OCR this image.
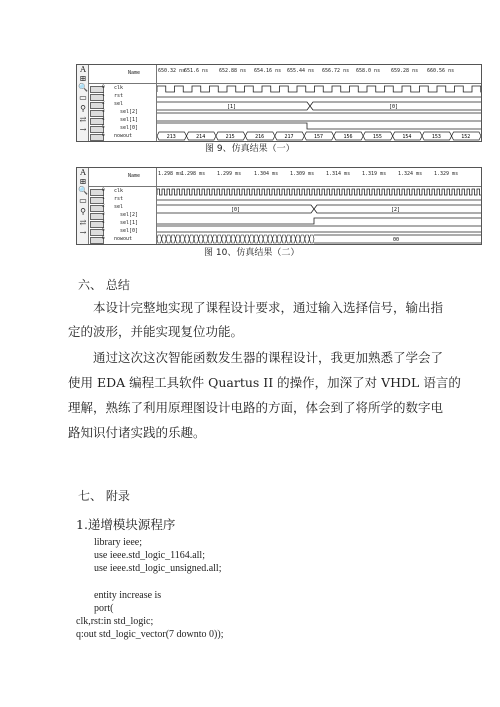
A
⊞
🔍
▭
⚲
⇄
→
Name
0 clk
1 rst
2 sel
3	sel[2]
4	sel[1]
5	sel[0]
6 nowout
650.32 ns
651.6 ns 652.88 ns 654.16 ns 655.44 ns 656.72 ns 658.0 ns 659.28 ns 660.56 ns
[1]	[0]
213	214	215	216	217	157	156	155	154	153	152
图 9、仿真结果（一）
A
⊞
🔍
▭
⚲
⇄
→
Name
0 clk
1 rst
2 sel
3	sel[2]
4	sel[1]
5	sel[0]
6 nowout
1.298 ms
1.298 ms 1.299 ms	1.304 ms 1.309 ms 1.314 ms 1.319 ms 1.324 ms 1.329 ms
[0]	[2]
00
图 10、仿真结果（二）
六、 总结
本设计完整地实现了课程设计要求，通过输入选择信号，输出指
定的波形，并能实现复位功能。
通过这次这次智能函数发生器的课程设计，我更加熟悉了学会了
使用 EDA 编程工具软件 Quartus II 的操作，加深了对 VHDL 语言的
理解，熟练了利用原理图设计电路的方面，体会到了将所学的数字电
路知识付诸实践的乐趣。
七、 附录
1.递增模块源程序
library ieee;
use ieee.std_logic_1164.all;
use ieee.std_logic_unsigned.all;
entity increase is
port(
clk,rst:in std_logic;
q:out std_logic_vector(7 downto 0));
